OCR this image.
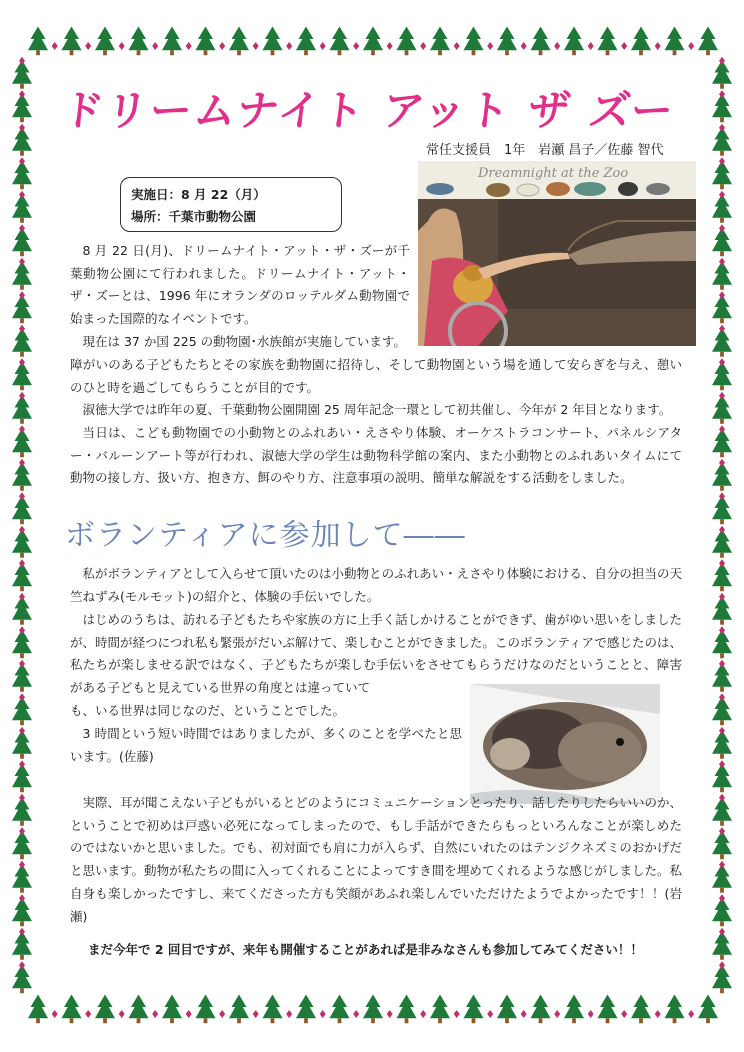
ドリームナイト アット ザ ズー
常任支援員　1年　岩瀬 昌子／佐藤 智代
実施日：8 月 22（月）
場所：千葉市動物公園
Dreamnight at the Zoo

8 月 22 日(月)、ドリームナイト・アット・ザ・ズーが千葉動物公園にて行われました。ドリームナイト・アット・ザ・ズーとは、1996 年にオランダのロッテルダム動物園で始まった国際的なイベントです。

現在は 37 か国 225 の動物園･水族館が実施しています。

障がいのある子どもたちとその家族を動物園に招待し、そして動物園という場を通して安らぎを与え、憩いのひと時を過ごしてもらうことが目的です。

淑徳大学では昨年の夏、千葉動物公園開園 25 周年記念一環として初共催し、今年が 2 年目となります。

当日は、こども動物園での小動物とのふれあい・えさやり体験、オーケストラコンサート、パネルシアター・バルーンアート等が行われ、淑徳大学の学生は動物科学館の案内、また小動物とのふれあいタイムにて動物の接し方、扱い方、抱き方、餌のやり方、注意事項の説明、簡単な解説をする活動をしました。

ボランティアに参加して――

私がボランティアとして入らせて頂いたのは小動物とのふれあい・えさやり体験における、自分の担当の天竺ねずみ(モルモット)の紹介と、体験の手伝いでした。

はじめのうちは、訪れる子どもたちや家族の方に上手く話しかけることができず、歯がゆい思いをしましたが、時間が経つにつれ私も緊張がだいぶ解けて、楽しむことができました。このボランティアで感じたのは、私たちが楽しませる訳ではなく、子どもたちが楽しむ手伝いをさせてもらうだけなのだということと、障害がある子どもと見えている世界の角度とは違っていて

も、いる世界は同じなのだ、ということでした。

3 時間という短い時間ではありましたが、多くのことを学べたと思います。(佐藤)

実際、耳が聞こえない子どもがいるとどのようにコミュニケーションとったり、話したりしたらいいのか、ということで初めは戸惑い必死になってしまったので、もし手話ができたらもっといろんなことが楽しめたのではないかと思いました。でも、初対面でも肩に力が入らず、自然にいれたのはテンジクネズミのおかげだと思います。動物が私たちの間に入ってくれることによってすき間を埋めてくれるような感じがしました。私自身も楽しかったですし、来てくださった方も笑顔があふれ楽しんでいただけたようでよかったです！！(岩瀬)

まだ今年で 2 回目ですが、来年も開催することがあれば是非みなさんも参加してみてください！！
